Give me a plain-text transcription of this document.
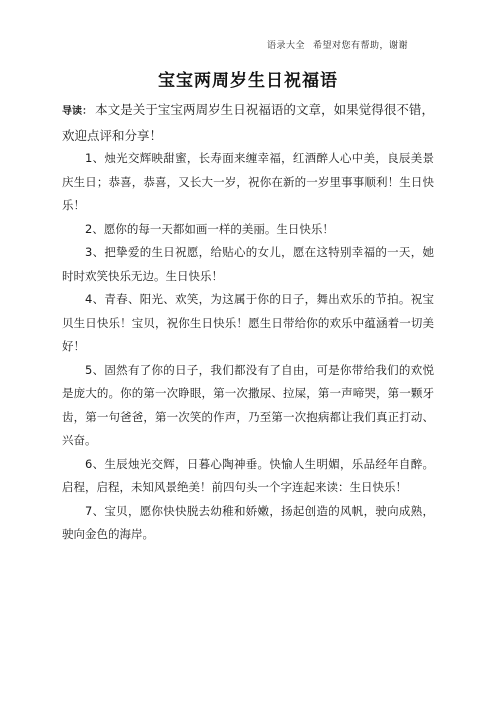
语录大全 希望对您有帮助，谢谢
宝宝两周岁生日祝福语

导读： 本文是关于宝宝两周岁生日祝福语的文章，如果觉得很不错，欢迎点评和分享！

1、烛光交辉映甜蜜，长寿面来缠幸福，红酒醉人心中美，良辰美景庆生日；恭喜，恭喜，又长大一岁，祝你在新的一岁里事事顺利！生日快乐！

2、愿你的每一天都如画一样的美丽。生日快乐！

3、把挚爱的生日祝愿，给贴心的女儿，愿在这特别幸福的一天，她时时欢笑快乐无边。生日快乐！

4、青春、阳光、欢笑，为这属于你的日子，舞出欢乐的节拍。祝宝贝生日快乐！宝贝，祝你生日快乐！愿生日带给你的欢乐中蕴涵着一切美好！

5、固然有了你的日子，我们都没有了自由，可是你带给我们的欢悦是庞大的。你的第一次睁眼，第一次撒尿、拉屎，第一声啼哭，第一颗牙齿，第一句爸爸，第一次笑的作声，乃至第一次抱病都让我们真正打动、兴奋。

6、生辰烛光交辉，日暮心陶神垂。快愉人生明媚，乐品经年自醉。启程，启程，未知风景绝美！前四句头一个字连起来读：生日快乐！

7、宝贝，愿你快快脱去幼稚和娇嫩，扬起创造的风帆，驶向成熟，驶向金色的海岸。
